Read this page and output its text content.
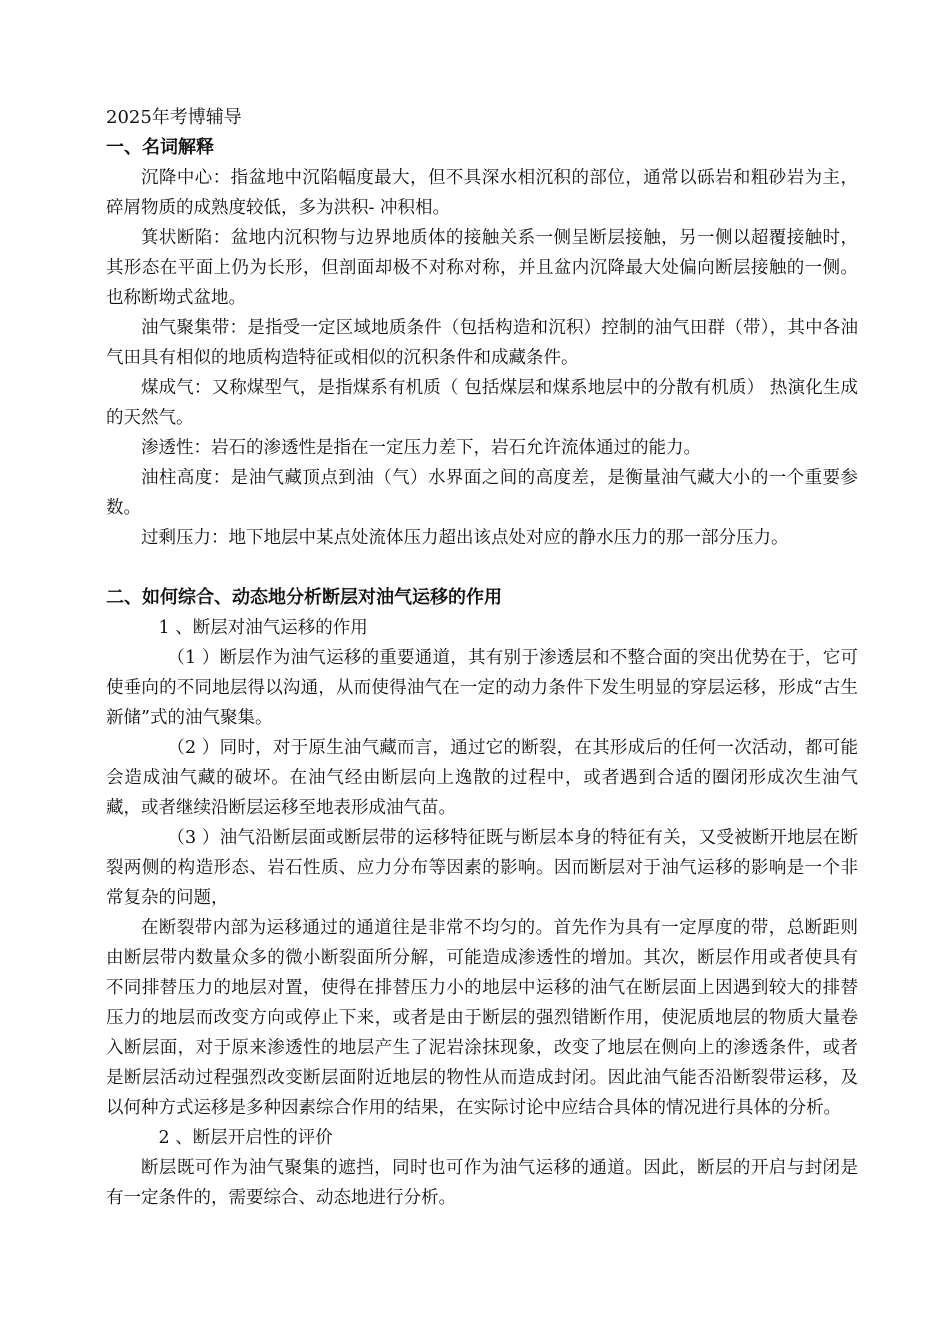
2025年考博辅导

一、名词解释

沉降中心：指盆地中沉陷幅度最大，但不具深水相沉积的部位，通常以砾岩和粗砂岩为主，碎屑物质的成熟度较低，多为洪积- 冲积相。

箕状断陷：盆地内沉积物与边界地质体的接触关系一侧呈断层接触，另一侧以超覆接触时，其形态在平面上仍为长形，但剖面却极不对称对称，并且盆内沉降最大处偏向断层接触的一侧。也称断坳式盆地。

油气聚集带：是指受一定区域地质条件（包括构造和沉积）控制的油气田群（带），其中各油气田具有相似的地质构造特征或相似的沉积条件和成藏条件。

煤成气：又称煤型气，是指煤系有机质（ 包括煤层和煤系地层中的分散有机质） 热演化生成的天然气。

渗透性：岩石的渗透性是指在一定压力差下，岩石允许流体通过的能力。

油柱高度：是油气藏顶点到油（气）水界面之间的高度差，是衡量油气藏大小的一个重要参数。

过剩压力：地下地层中某点处流体压力超出该点处对应的静水压力的那一部分压力。

二、如何综合、动态地分析断层对油气运移的作用

1 、断层对油气运移的作用

（1 ）断层作为油气运移的重要通道，其有别于渗透层和不整合面的突出优势在于，它可使垂向的不同地层得以沟通，从而使得油气在一定的动力条件下发生明显的穿层运移，形成“古生新储”式的油气聚集。

（2 ）同时，对于原生油气藏而言，通过它的断裂，在其形成后的任何一次活动，都可能会造成油气藏的破坏。在油气经由断层向上逸散的过程中，或者遇到合适的圈闭形成次生油气藏，或者继续沿断层运移至地表形成油气苗。

（3 ）油气沿断层面或断层带的运移特征既与断层本身的特征有关，又受被断开地层在断裂两侧的构造形态、岩石性质、应力分布等因素的影响。因而断层对于油气运移的影响是一个非常复杂的问题，

在断裂带内部为运移通过的通道往是非常不均匀的。首先作为具有一定厚度的带，总断距则由断层带内数量众多的微小断裂面所分解，可能造成渗透性的增加。其次，断层作用或者使具有不同排替压力的地层对置，使得在排替压力小的地层中运移的油气在断层面上因遇到较大的排替压力的地层而改变方向或停止下来，或者是由于断层的强烈错断作用，使泥质地层的物质大量卷入断层面，对于原来渗透性的地层产生了泥岩涂抹现象，改变了地层在侧向上的渗透条件，或者是断层活动过程强烈改变断层面附近地层的物性从而造成封闭。因此油气能否沿断裂带运移，及以何种方式运移是多种因素综合作用的结果，在实际讨论中应结合具体的情况进行具体的分析。

2 、断层开启性的评价

断层既可作为油气聚集的遮挡，同时也可作为油气运移的通道。因此，断层的开启与封闭是有一定条件的，需要综合、动态地进行分析。
